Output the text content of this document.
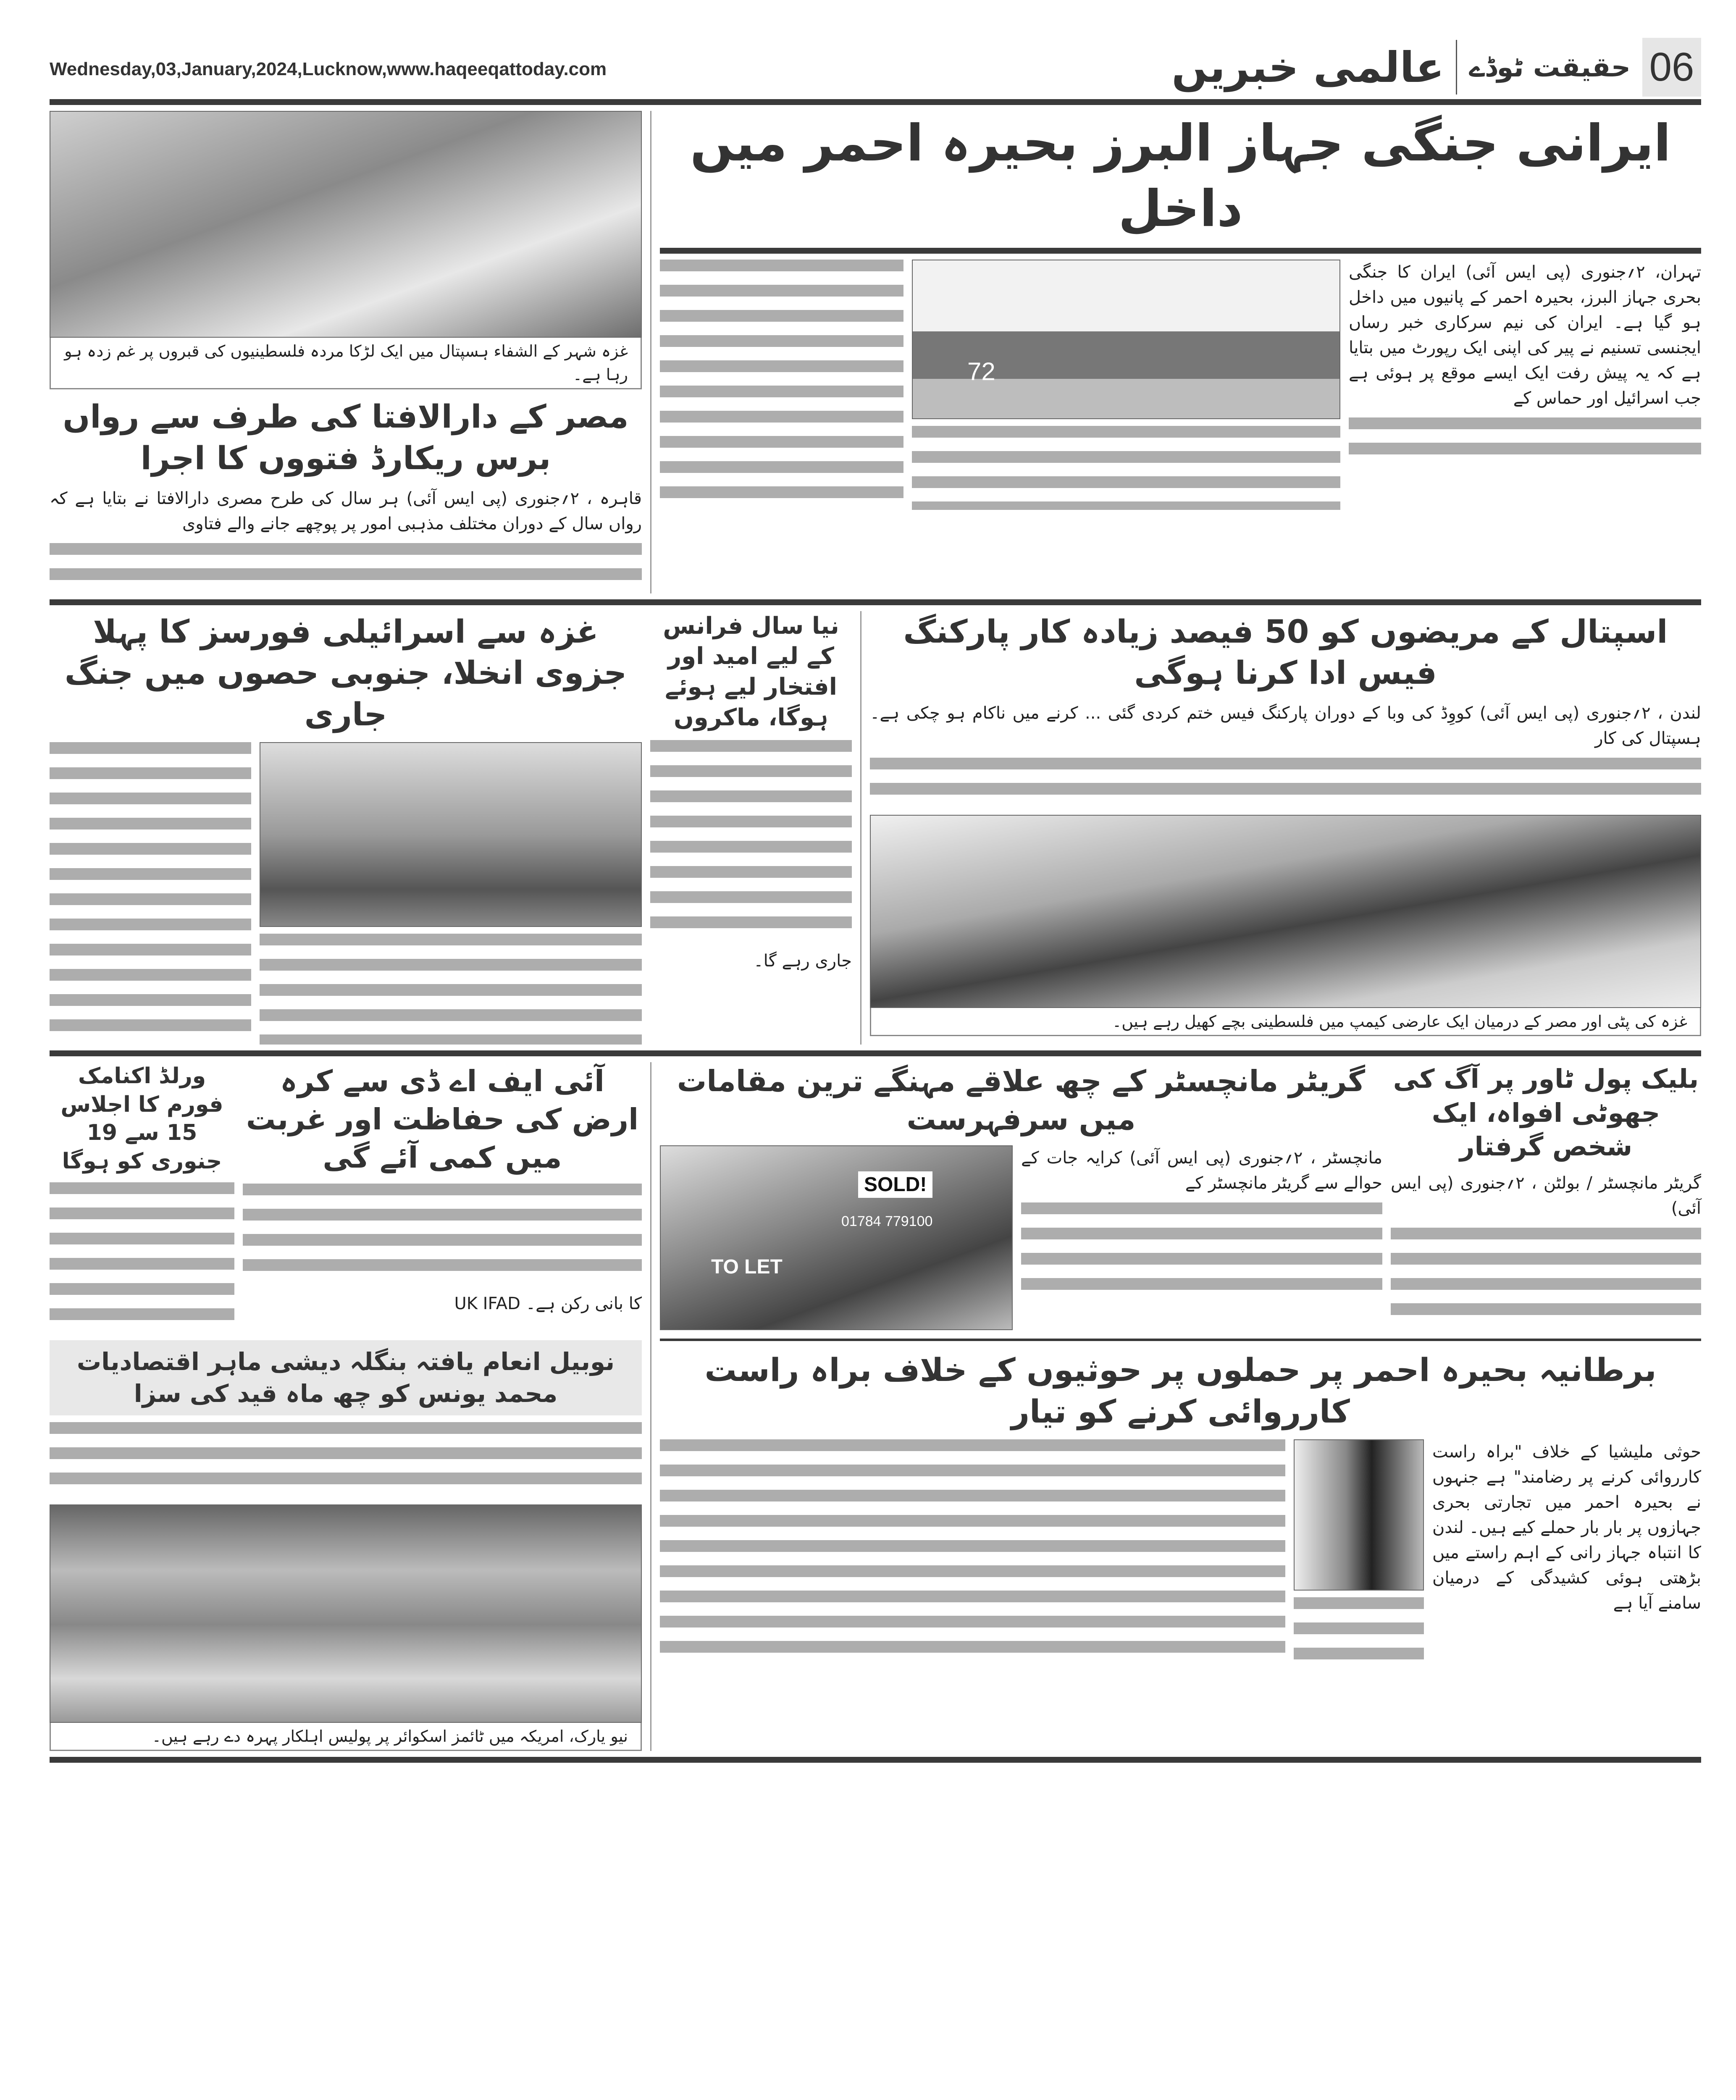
Wednesday,03,January,2024,Lucknow,www.haqeeqattoday.com	عالمی خبریں حقیقت ٹوڈے 06
غزہ شہر کے الشفاء ہسپتال میں ایک لڑکا مردہ فلسطینیوں کی قبروں پر غم زدہ ہو رہا ہے۔
مصر کے دارالافتا کی طرف سے رواں برس ریکارڈ فتووں کا اجرا
قاہرہ ، ۲؍جنوری (پی ایس آئی) ہر سال کی طرح مصری دارالافتا نے بتایا ہے کہ رواں سال کے دوران مختلف مذہبی امور پر پوچھے جانے والے فتاوی
ایرانی جنگی جہاز البرز بحیرہ احمر میں داخل
72
تہران، ۲؍جنوری (پی ایس آئی) ایران کا جنگی بحری جہاز البرز، بحیرہ احمر کے پانیوں میں داخل ہو گیا ہے۔ ایران کی نیم سرکاری خبر رساں ایجنسی تسنیم نے پیر کی اپنی ایک رپورٹ میں بتایا ہے کہ یہ پیش رفت ایک ایسے موقع پر ہوئی ہے جب اسرائیل اور حماس کے
غزہ سے اسرائیلی فورسز کا پہلا جزوی انخلا، جنوبی حصوں میں جنگ جاری
نیا سال فرانس کے لیے امید اور افتخار لیے ہوئے ہوگا، ماکروں
جاری رہے گا۔
اسپتال کے مریضوں کو 50 فیصد زیادہ کار پارکنگ فیس ادا کرنا ہوگی
لندن ، ۲؍جنوری (پی ایس آئی) کووِڈ کی وبا کے دوران پارکنگ فیس ختم کردی گئی ... کرنے میں ناکام ہو چکی ہے۔ ہسپتال کی کار
غزہ کی پٹی اور مصر کے درمیان ایک عارضی کیمپ میں فلسطینی بچے کھیل رہے ہیں۔
ورلڈ اکنامک فورم کا اجلاس
15 سے 19 جنوری کو ہوگا
آئی ایف اے ڈی سے کرہ ارض کی حفاظت اور غربت میں کمی آئے گی
کا بانی رکن ہے۔ UK IFAD
نوبیل انعام یافتہ بنگلہ دیشی ماہر اقتصادیات محمد یونس کو چھ ماہ قید کی سزا
نیو یارک، امریکہ میں ٹائمز اسکوائر پر پولیس اہلکار پہرہ دے رہے ہیں۔
گریٹر مانچسٹر کے چھ علاقے مہنگے ترین مقامات میں سرفہرست
SOLD!
01784 779100
TO LET
مانچسٹر ، ۲؍جنوری (پی ایس آئی) کرایہ جات کے حوالے سے گریٹر مانچسٹر کے
بلیک پول ٹاور پر آگ کی
جھوٹی افواہ، ایک شخص گرفتار
گریٹر مانچسٹر / بولٹن ، ۲؍جنوری (پی ایس آئی)
برطانیہ بحیرہ احمر پر حملوں پر حوثیوں کے خلاف براہ راست کارروائی کرنے کو تیار
حوثی ملیشیا کے خلاف "براہ راست کارروائی کرنے پر رضامند" ہے جنہوں نے بحیرہ احمر میں تجارتی بحری جہازوں پر بار بار حملے کیے ہیں۔ لندن کا انتباہ جہاز رانی کے اہم راستے میں بڑھتی ہوئی کشیدگی کے درمیان سامنے آیا ہے
